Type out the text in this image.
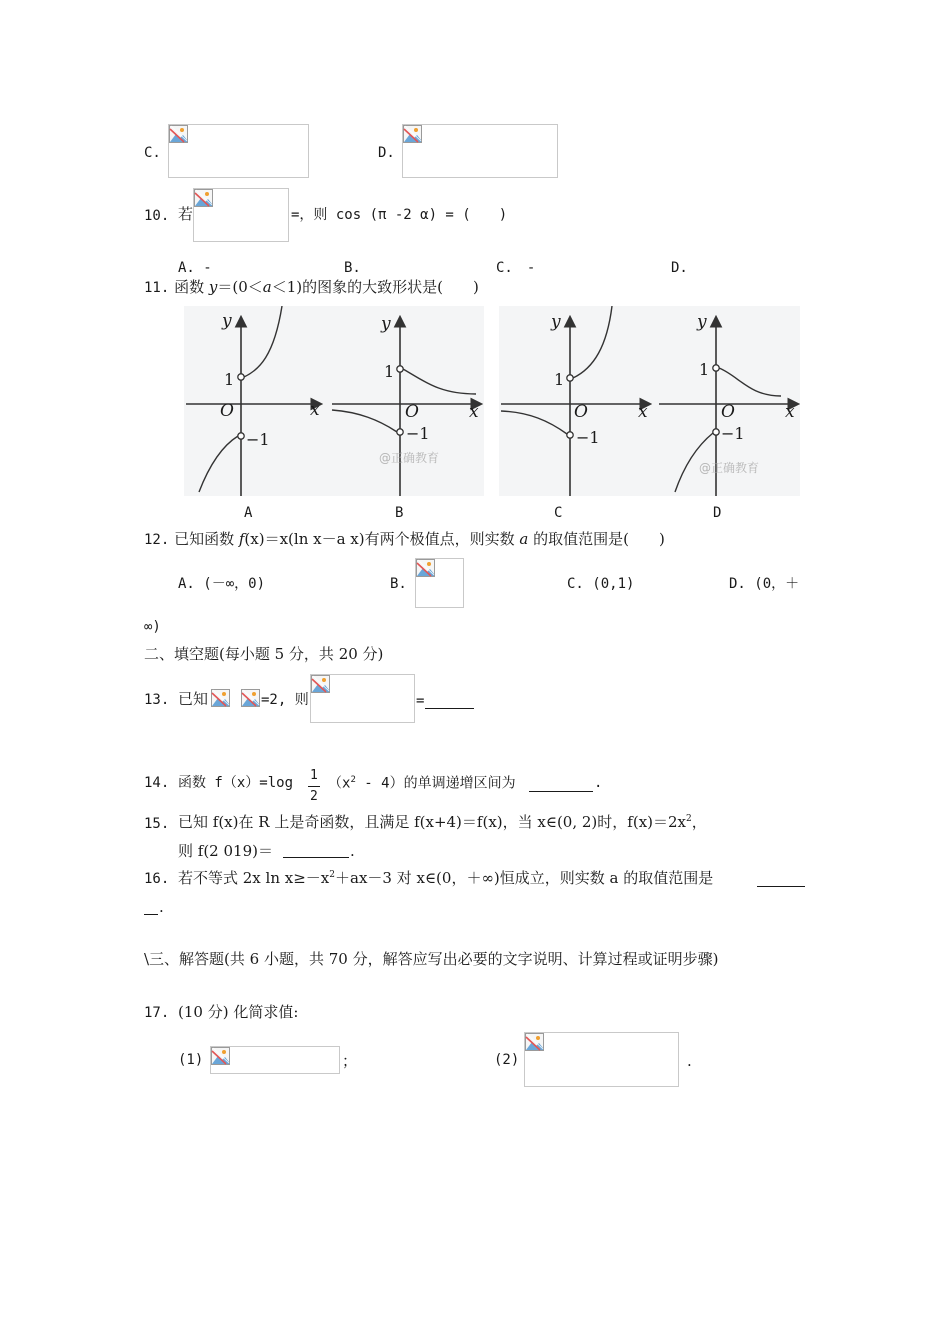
C.	D.
10. 若	=，则 cos (π -2 α) = (　　)
A. -	B.	C.　-	D.
11. 函数 y＝(0＜a＜1)的图象的大致形状是(　　)
y
x
O
1
−1
y
x
O
1
−1
@正确教育
y
x
O
1
−1
y
x
O
1
−1
@正确教育
A	B	C	D
12. 已知函数 f(x)＝x(ln x－a x)有两个极值点，则实数 a 的取值范围是(　　)
A. (－∞，0)	B.	C. (0,1)	D. (0，＋
∞)
二、填空题(每小题 5 分，共 20 分)
13. 已知	=2, 则	=
14. 函数 f（x）=log 1
2
$(x^2 - 4)$的单调递增区间为	.
15. 已知 f(x)在 R 上是奇函数，且满足 f(x+4)＝f(x)，当 x∈(0, 2)时，$f(x)=2x^2$，
则 f(2 019)＝	.
16. 若不等式 2x $\ln x\ge-x^2+ax-3$ 对 x∈(0，＋∞)恒成立，则实数 a 的取值范围是
.
\三、解答题(共 6 小题，共 70 分，解答应写出必要的文字说明、计算过程或证明步骤)
17. (10 分) 化简求值:
(1)	；	(2)	.
